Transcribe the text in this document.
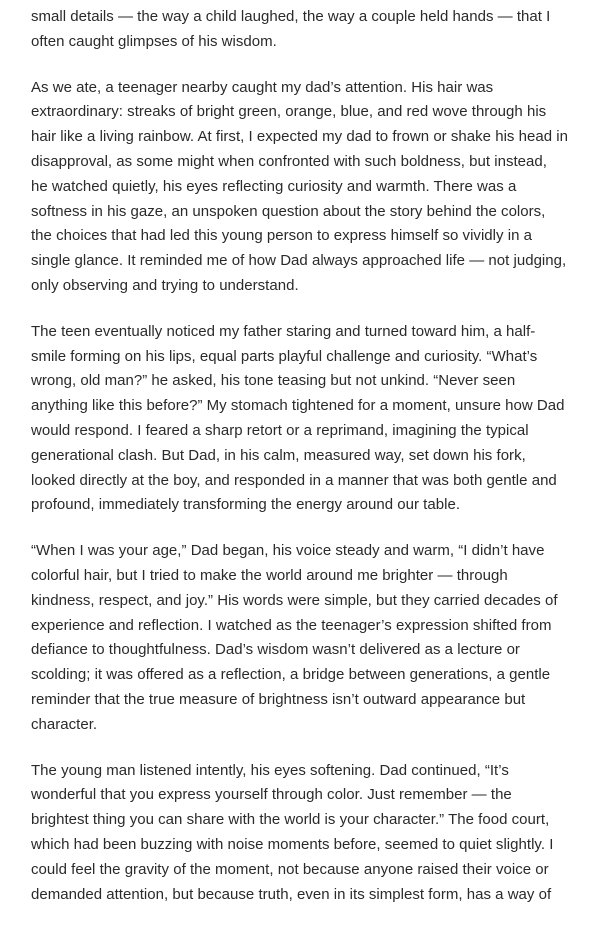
small details — the way a child laughed, the way a couple held hands — that I
often caught glimpses of his wisdom.

As we ate, a teenager nearby caught my dad’s attention. His hair was
extraordinary: streaks of bright green, orange, blue, and red wove through his
hair like a living rainbow. At first, I expected my dad to frown or shake his head in
disapproval, as some might when confronted with such boldness, but instead,
he watched quietly, his eyes reflecting curiosity and warmth. There was a
softness in his gaze, an unspoken question about the story behind the colors,
the choices that had led this young person to express himself so vividly in a
single glance. It reminded me of how Dad always approached life — not judging,
only observing and trying to understand.

The teen eventually noticed my father staring and turned toward him, a half-
smile forming on his lips, equal parts playful challenge and curiosity. “What’s
wrong, old man?” he asked, his tone teasing but not unkind. “Never seen
anything like this before?” My stomach tightened for a moment, unsure how Dad
would respond. I feared a sharp retort or a reprimand, imagining the typical
generational clash. But Dad, in his calm, measured way, set down his fork,
looked directly at the boy, and responded in a manner that was both gentle and
profound, immediately transforming the energy around our table.

“When I was your age,” Dad began, his voice steady and warm, “I didn’t have
colorful hair, but I tried to make the world around me brighter — through
kindness, respect, and joy.” His words were simple, but they carried decades of
experience and reflection. I watched as the teenager’s expression shifted from
defiance to thoughtfulness. Dad’s wisdom wasn’t delivered as a lecture or
scolding; it was offered as a reflection, a bridge between generations, a gentle
reminder that the true measure of brightness isn’t outward appearance but
character.

The young man listened intently, his eyes softening. Dad continued, “It’s
wonderful that you express yourself through color. Just remember — the
brightest thing you can share with the world is your character.” The food court,
which had been buzzing with noise moments before, seemed to quiet slightly. I
could feel the gravity of the moment, not because anyone raised their voice or
demanded attention, but because truth, even in its simplest form, has a way of
